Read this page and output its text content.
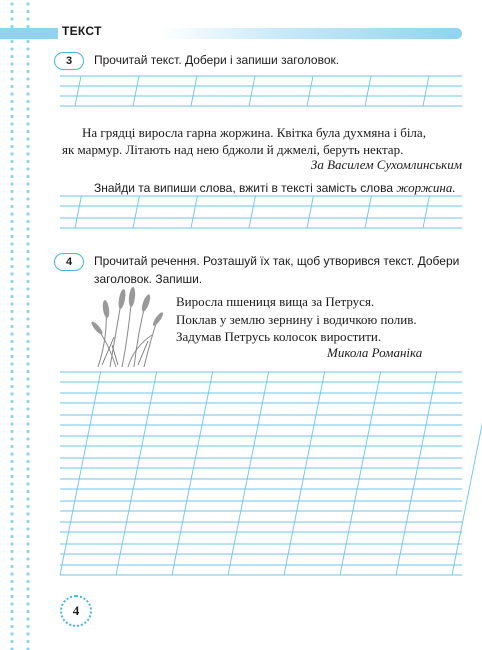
ТЕКСТ
3	Прочитай текст. Добери і запиши заголовок.
На грядці виросла гарна жоржина. Квітка була духмяна і біла,
як мармур. Літають над нею бджоли й джмелі, беруть нектар.
За Василем Сухомлинським
Знайди та випиши слова, вжиті в тексті замість слова жоржина.
4	Прочитай речення. Розташуй їх так, щоб утворився текст. Добери
заголовок. Запиши.
Виросла пшениця вища за Петруся.
Поклав у землю зернину і водичкою полив.
Задумав Петрусь колосок виростити.
Микола Романіка
4
